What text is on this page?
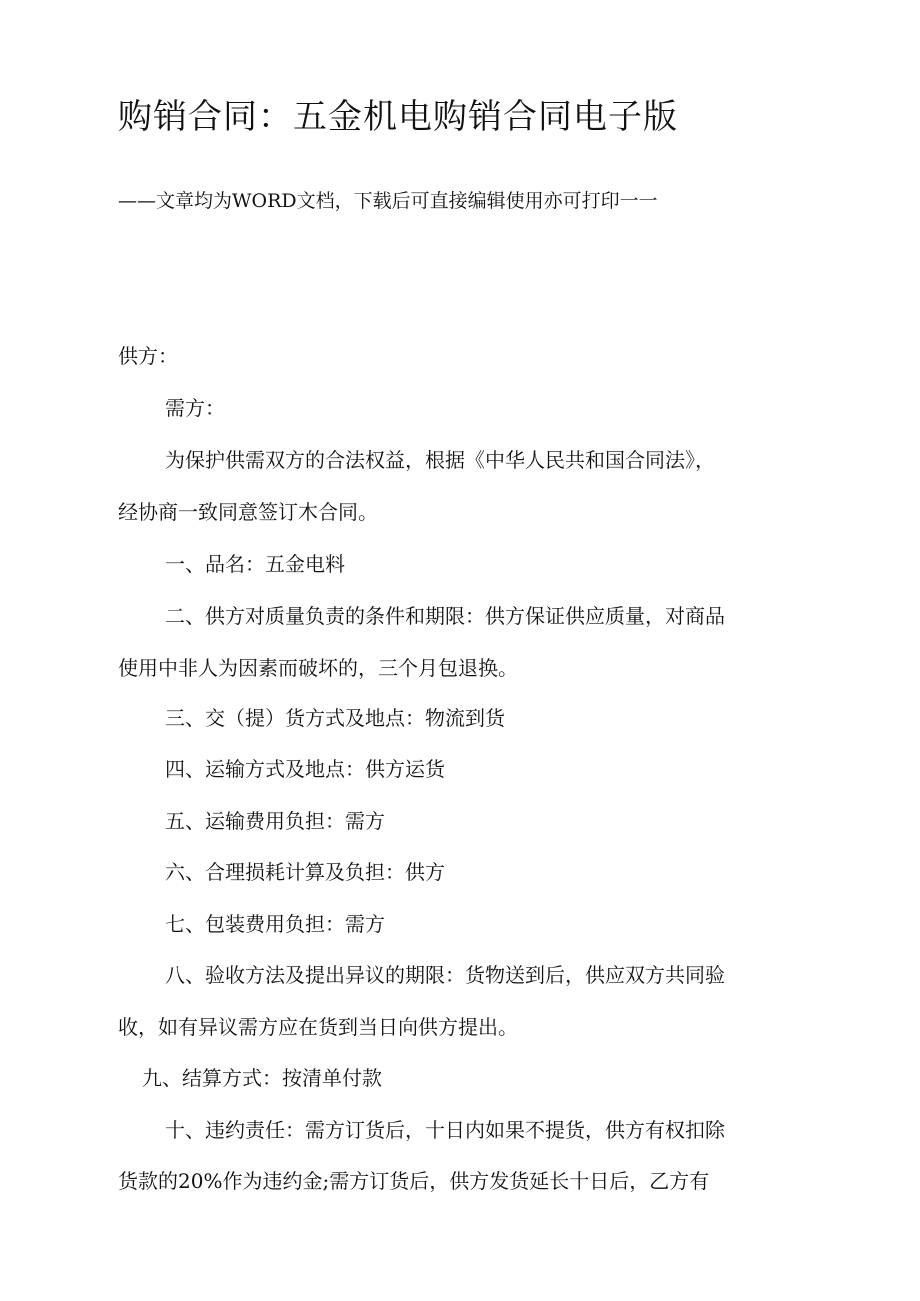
购销合同：五金机电购销合同电子版
——文章均为WORD文档，下载后可直接编辑使用亦可打印一一
供方：
需方：
为保护供需双方的合法权益，根据《中华人民共和国合同法》，
经协商一致同意签订木合同。
一、品名：五金电料
二、供方对质量负责的条件和期限：供方保证供应质量，对商品
使用中非人为因素而破坏的，三个月包退换。
三、交（提）货方式及地点：物流到货
四、运输方式及地点：供方运货
五、运输费用负担：需方
六、合理损耗计算及负担：供方
七、包装费用负担：需方
八、验收方法及提出异议的期限：货物送到后，供应双方共同验
收，如有异议需方应在货到当日向供方提出。
九、结算方式：按清单付款
十、违约责任：需方订货后，十日内如果不提货，供方有权扣除
货款的20%作为违约金;需方订货后，供方发货延长十日后，乙方有
